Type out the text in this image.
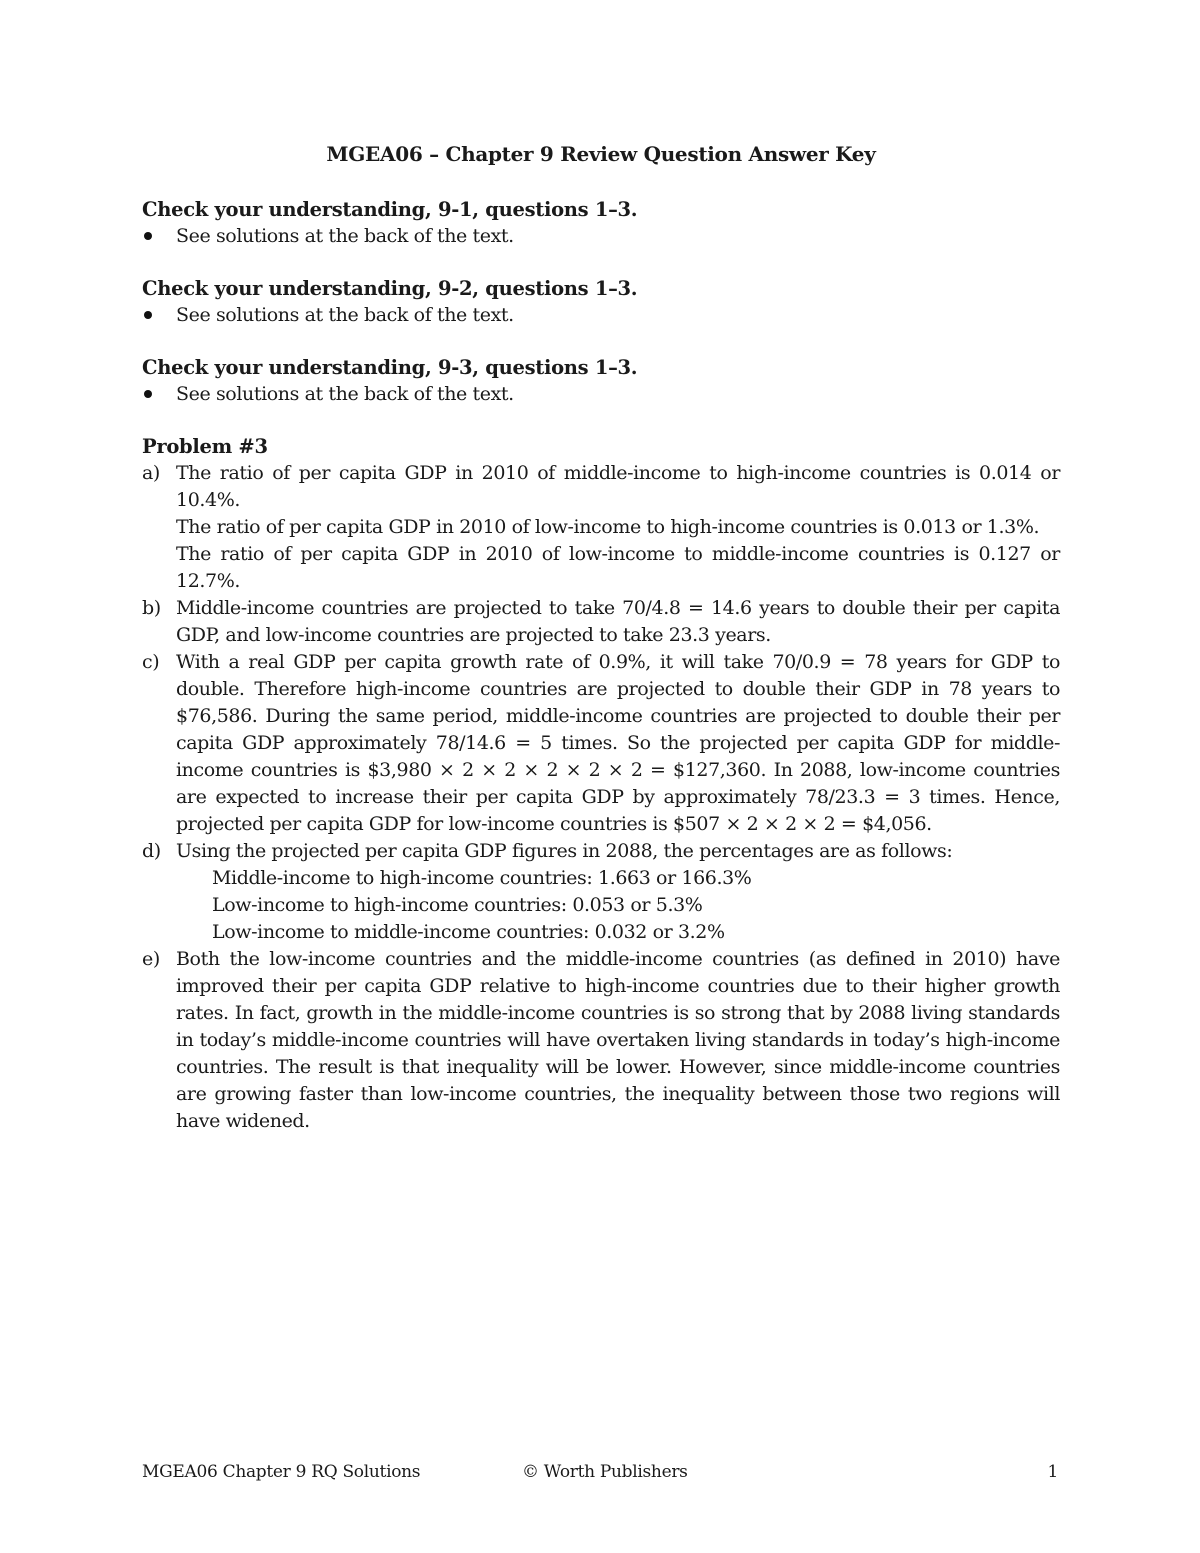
MGEA06 – Chapter 9 Review Question Answer Key

Check your understanding, 9-1, questions 1–3.

See solutions at the back of the text.

Check your understanding, 9-2, questions 1–3.

See solutions at the back of the text.

Check your understanding, 9-3, questions 1–3.

See solutions at the back of the text.

Problem #3

a) The ratio of per capita GDP in 2010 of middle-income to high-income countries is 0.014 or 10.4%.
The ratio of per capita GDP in 2010 of low-income to high-income countries is 0.013 or 1.3%.
The ratio of per capita GDP in 2010 of low-income to middle-income countries is 0.127 or 12.7%.
b) Middle-income countries are projected to take 70/4.8 = 14.6 years to double their per capita GDP, and low-income countries are projected to take 23.3 years.
c) With a real GDP per capita growth rate of 0.9%, it will take 70/0.9 = 78 years for GDP to double. Therefore high-income countries are projected to double their GDP in 78 years to $76,586. During the same period, middle-income countries are projected to double their per capita GDP approximately 78/14.6 = 5 times. So the projected per capita GDP for middle-income countries is $3,980 × 2 × 2 × 2 × 2 × 2 = $127,360. In 2088, low-income countries are expected to increase their per capita GDP by approximately 78/23.3 = 3 times. Hence, projected per capita GDP for low-income countries is $507 × 2 × 2 × 2 = $4,056.
d) Using the projected per capita GDP figures in 2088, the percentages are as follows:
Middle-income to high-income countries: 1.663 or 166.3%
Low-income to high-income countries: 0.053 or 5.3%
Low-income to middle-income countries: 0.032 or 3.2%
e) Both the low-income countries and the middle-income countries (as defined in 2010) have improved their per capita GDP relative to high-income countries due to their higher growth rates. In fact, growth in the middle-income countries is so strong that by 2088 living standards in today’s middle-income countries will have overtaken living standards in today’s high-income countries. The result is that inequality will be lower. However, since middle-income countries are growing faster than low-income countries, the inequality between those two regions will have widened.
MGEA06 Chapter 9 RQ Solutions	© Worth Publishers	1
